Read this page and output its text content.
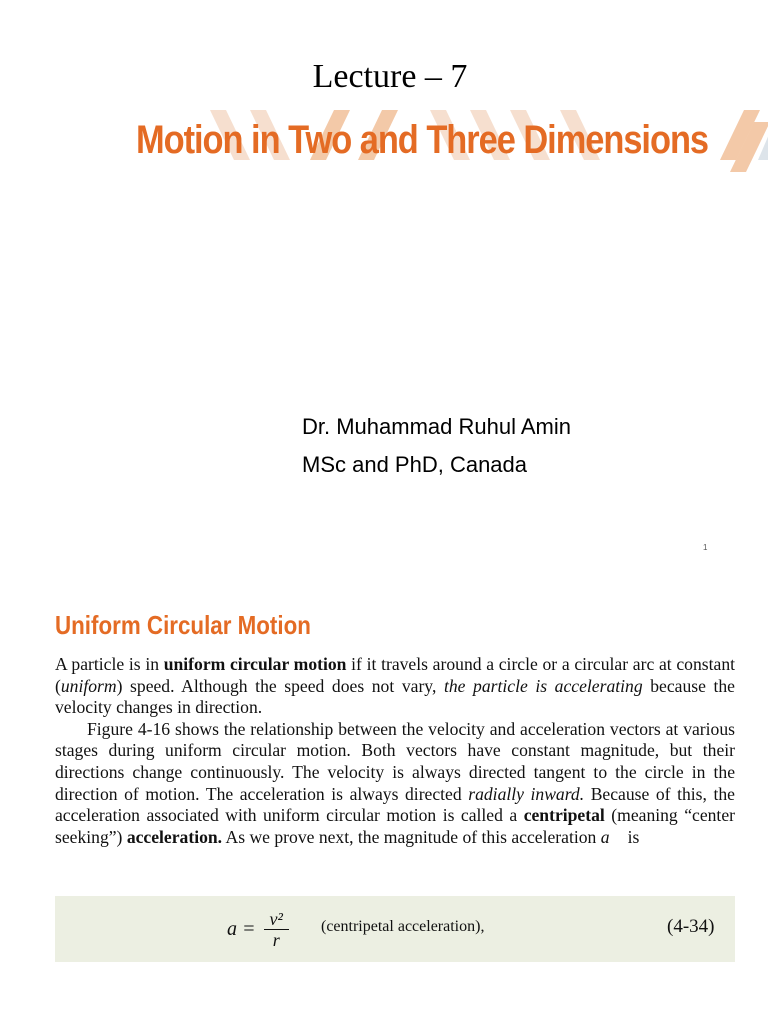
Lecture – 7
Motion in Two and Three Dimensions
Dr. Muhammad Ruhul Amin
MSc and PhD, Canada
1
Uniform Circular Motion

A particle is in uniform circular motion if it travels around a circle or a circular arc at constant (uniform) speed. Although the speed does not vary, the particle is accelerating because the velocity changes in direction.

Figure 4-16 shows the relationship between the velocity and acceleration vectors at various stages during uniform circular motion. Both vectors have constant magnitude, but their directions change continuously. The velocity is always directed tangent to the circle in the direction of motion. The acceleration is always directed radially inward. Because of this, the acceleration associated with uniform circular motion is called a centripetal (meaning “center seeking”) acceleration. As we prove next, the magnitude of this acceleration a⃗ is

$a = \frac{\text{v²}}{r}$ (centripetal acceleration),	(4-34)
